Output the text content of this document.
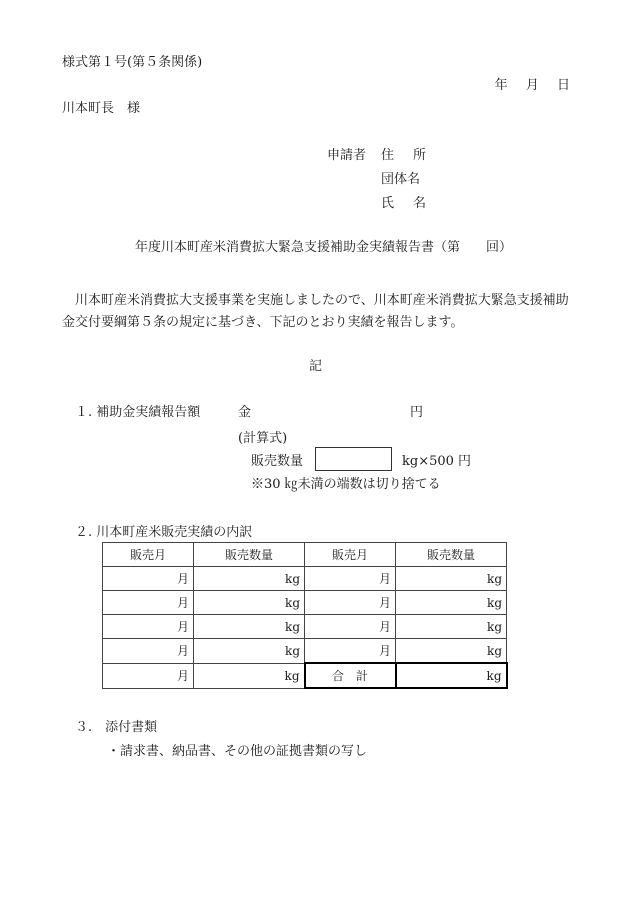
様式第１号(第５条関係)
年 月 日
川本町長　様
申請者	住 所
団体名
氏 名
年度川本町産米消費拡大緊急支援補助金実績報告書（第　　回）
川本町産米消費拡大支援事業を実施しましたので、川本町産米消費拡大緊急支援補助金交付要綱第５条の規定に基づき、下記のとおり実績を報告します。
記
１. 補助金実績報告額	金	円
(計算式)
販売数量	kg×500 円
※30 ㎏未満の端数は切り捨てる
２. 川本町産米販売実績の内訳
販売月	販売数量	販売月	販売数量
月	kg	月	kg
月	kg	月	kg
月	kg	月	kg
月	kg	月	kg
月	kg	合　計	kg
３.　添付書類
・請求書、納品書、その他の証拠書類の写し
